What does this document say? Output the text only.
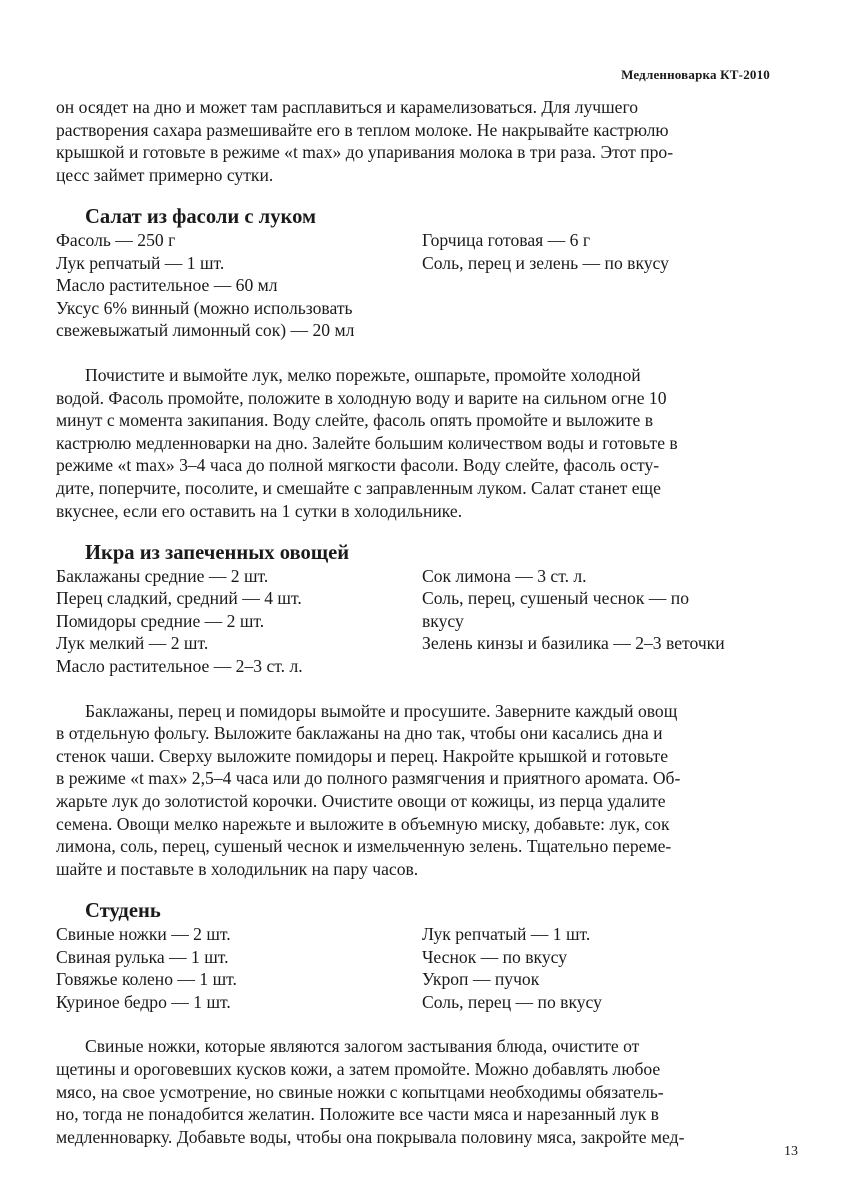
Медленноварка КТ-2010

он осядет на дно и может там расплавиться и карамелизоваться. Для лучшего
растворения сахара размешивайте его в теплом молоке. Не накрывайте кастрюлю
крышкой и готовьте в режиме «t max» до упаривания молока в три раза. Этот про-
цесс займет примерно сутки.

Салат из фасоли с луком
Фасоль — 250 г
Лук репчатый — 1 шт.
Масло растительное — 60 мл
Уксус 6% винный (можно использовать
свежевыжатый лимонный сок) — 20 мл
Горчица готовая — 6 г
Соль, перец и зелень — по вкусу

Почистите и вымойте лук, мелко порежьте, ошпарьте, промойте холодной
водой. Фасоль промойте, положите в холодную воду и варите на сильном огне 10
минут с момента закипания. Воду слейте, фасоль опять промойте и выложите в
кастрюлю медленноварки на дно. Залейте большим количеством воды и готовьте в
режиме «t max» 3–4 часа до полной мягкости фасоли. Воду слейте, фасоль осту-
дите, поперчите, посолите, и смешайте с заправленным луком. Салат станет еще
вкуснее, если его оставить на 1 сутки в холодильнике.

Икра из запеченных овощей
Баклажаны средние — 2 шт.
Перец сладкий, средний — 4 шт.
Помидоры средние — 2 шт.
Лук мелкий — 2 шт.
Масло растительное — 2–3 ст. л.
Сок лимона — 3 ст. л.
Соль, перец, сушеный чеснок — по
вкусу
Зелень кинзы и базилика — 2–3 веточки

Баклажаны, перец и помидоры вымойте и просушите. Заверните каждый овощ
в отдельную фольгу. Выложите баклажаны на дно так, чтобы они касались дна и
стенок чаши. Сверху выложите помидоры и перец. Накройте крышкой и готовьте
в режиме «t max» 2,5–4 часа или до полного размягчения и приятного аромата. Об-
жарьте лук до золотистой корочки. Очистите овощи от кожицы, из перца удалите
семена. Овощи мелко нарежьте и выложите в объемную миску, добавьте: лук, сок
лимона, соль, перец, сушеный чеснок и измельченную зелень. Тщательно переме-
шайте и поставьте в холодильник на пару часов.

Студень
Свиные ножки — 2 шт.
Свиная рулька — 1 шт.
Говяжье колено — 1 шт.
Куриное бедро — 1 шт.
Лук репчатый — 1 шт.
Чеснок — по вкусу
Укроп — пучок
Соль, перец — по вкусу

Свиные ножки, которые являются залогом застывания блюда, очистите от
щетины и ороговевших кусков кожи, а затем промойте. Можно добавлять любое
мясо, на свое усмотрение, но свиные ножки с копытцами необходимы обязатель-
но, тогда не понадобится желатин. Положите все части мяса и нарезанный лук в
медленноварку. Добавьте воды, чтобы она покрывала половину мяса, закройте мед-

13
